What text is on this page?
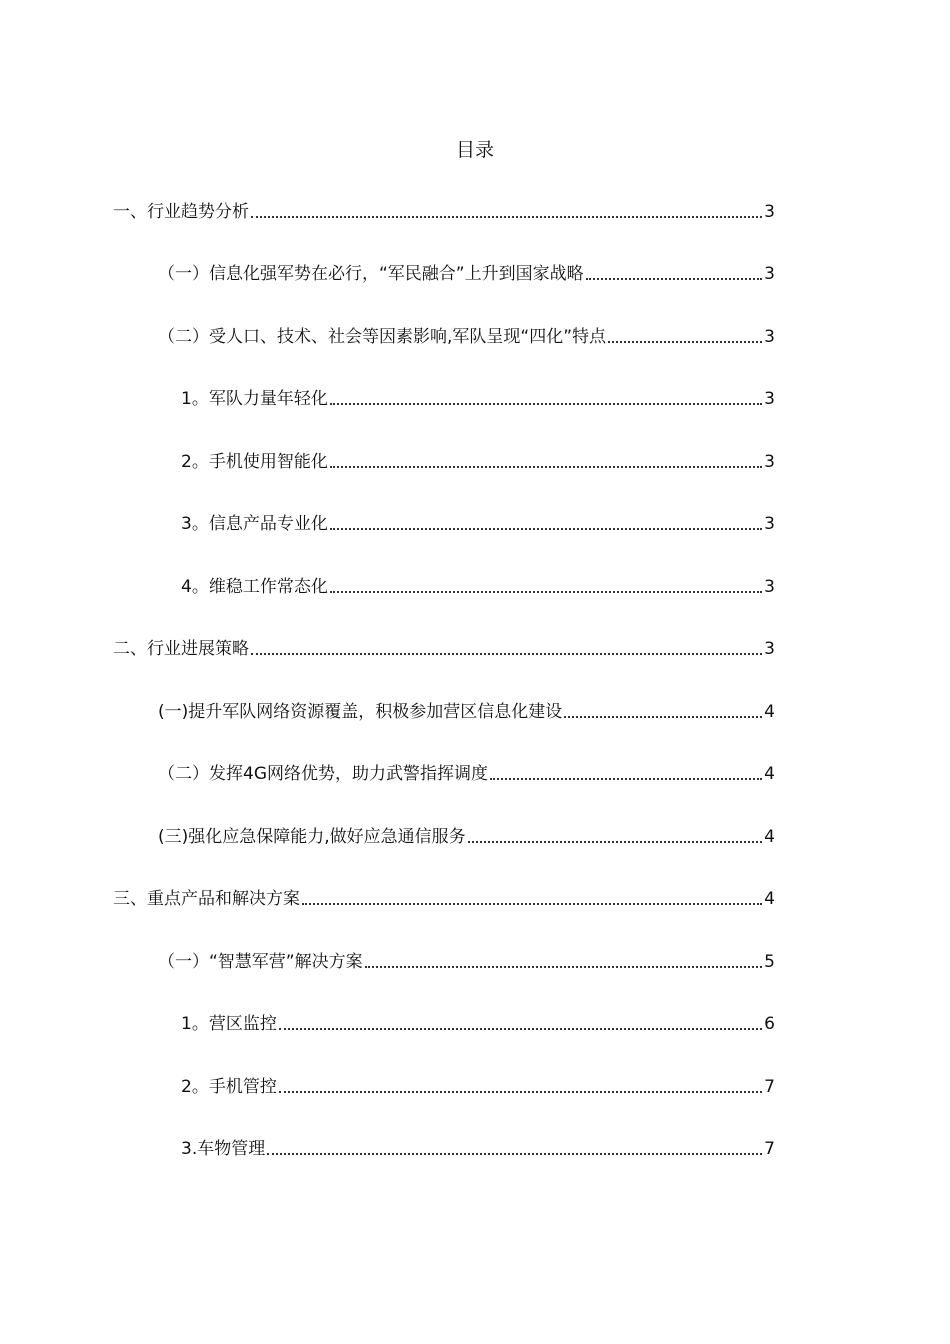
目录
一、行业趋势分析	3
（一）信息化强军势在必行，“军民融合”上升到国家战略	3
（二）受人口、技术、社会等因素影响,军队呈现“四化”特点	3
1。军队力量年轻化	3
2。手机使用智能化	3
3。信息产品专业化	3
4。维稳工作常态化	3
二、行业进展策略	3
(一)提升军队网络资源覆盖，积极参加营区信息化建设	4
（二）发挥4G网络优势，助力武警指挥调度	4
(三)强化应急保障能力,做好应急通信服务	4
三、重点产品和解决方案	4
（一）“智慧军营”解决方案	5
1。营区监控	6
2。手机管控	7
3.车物管理	7
